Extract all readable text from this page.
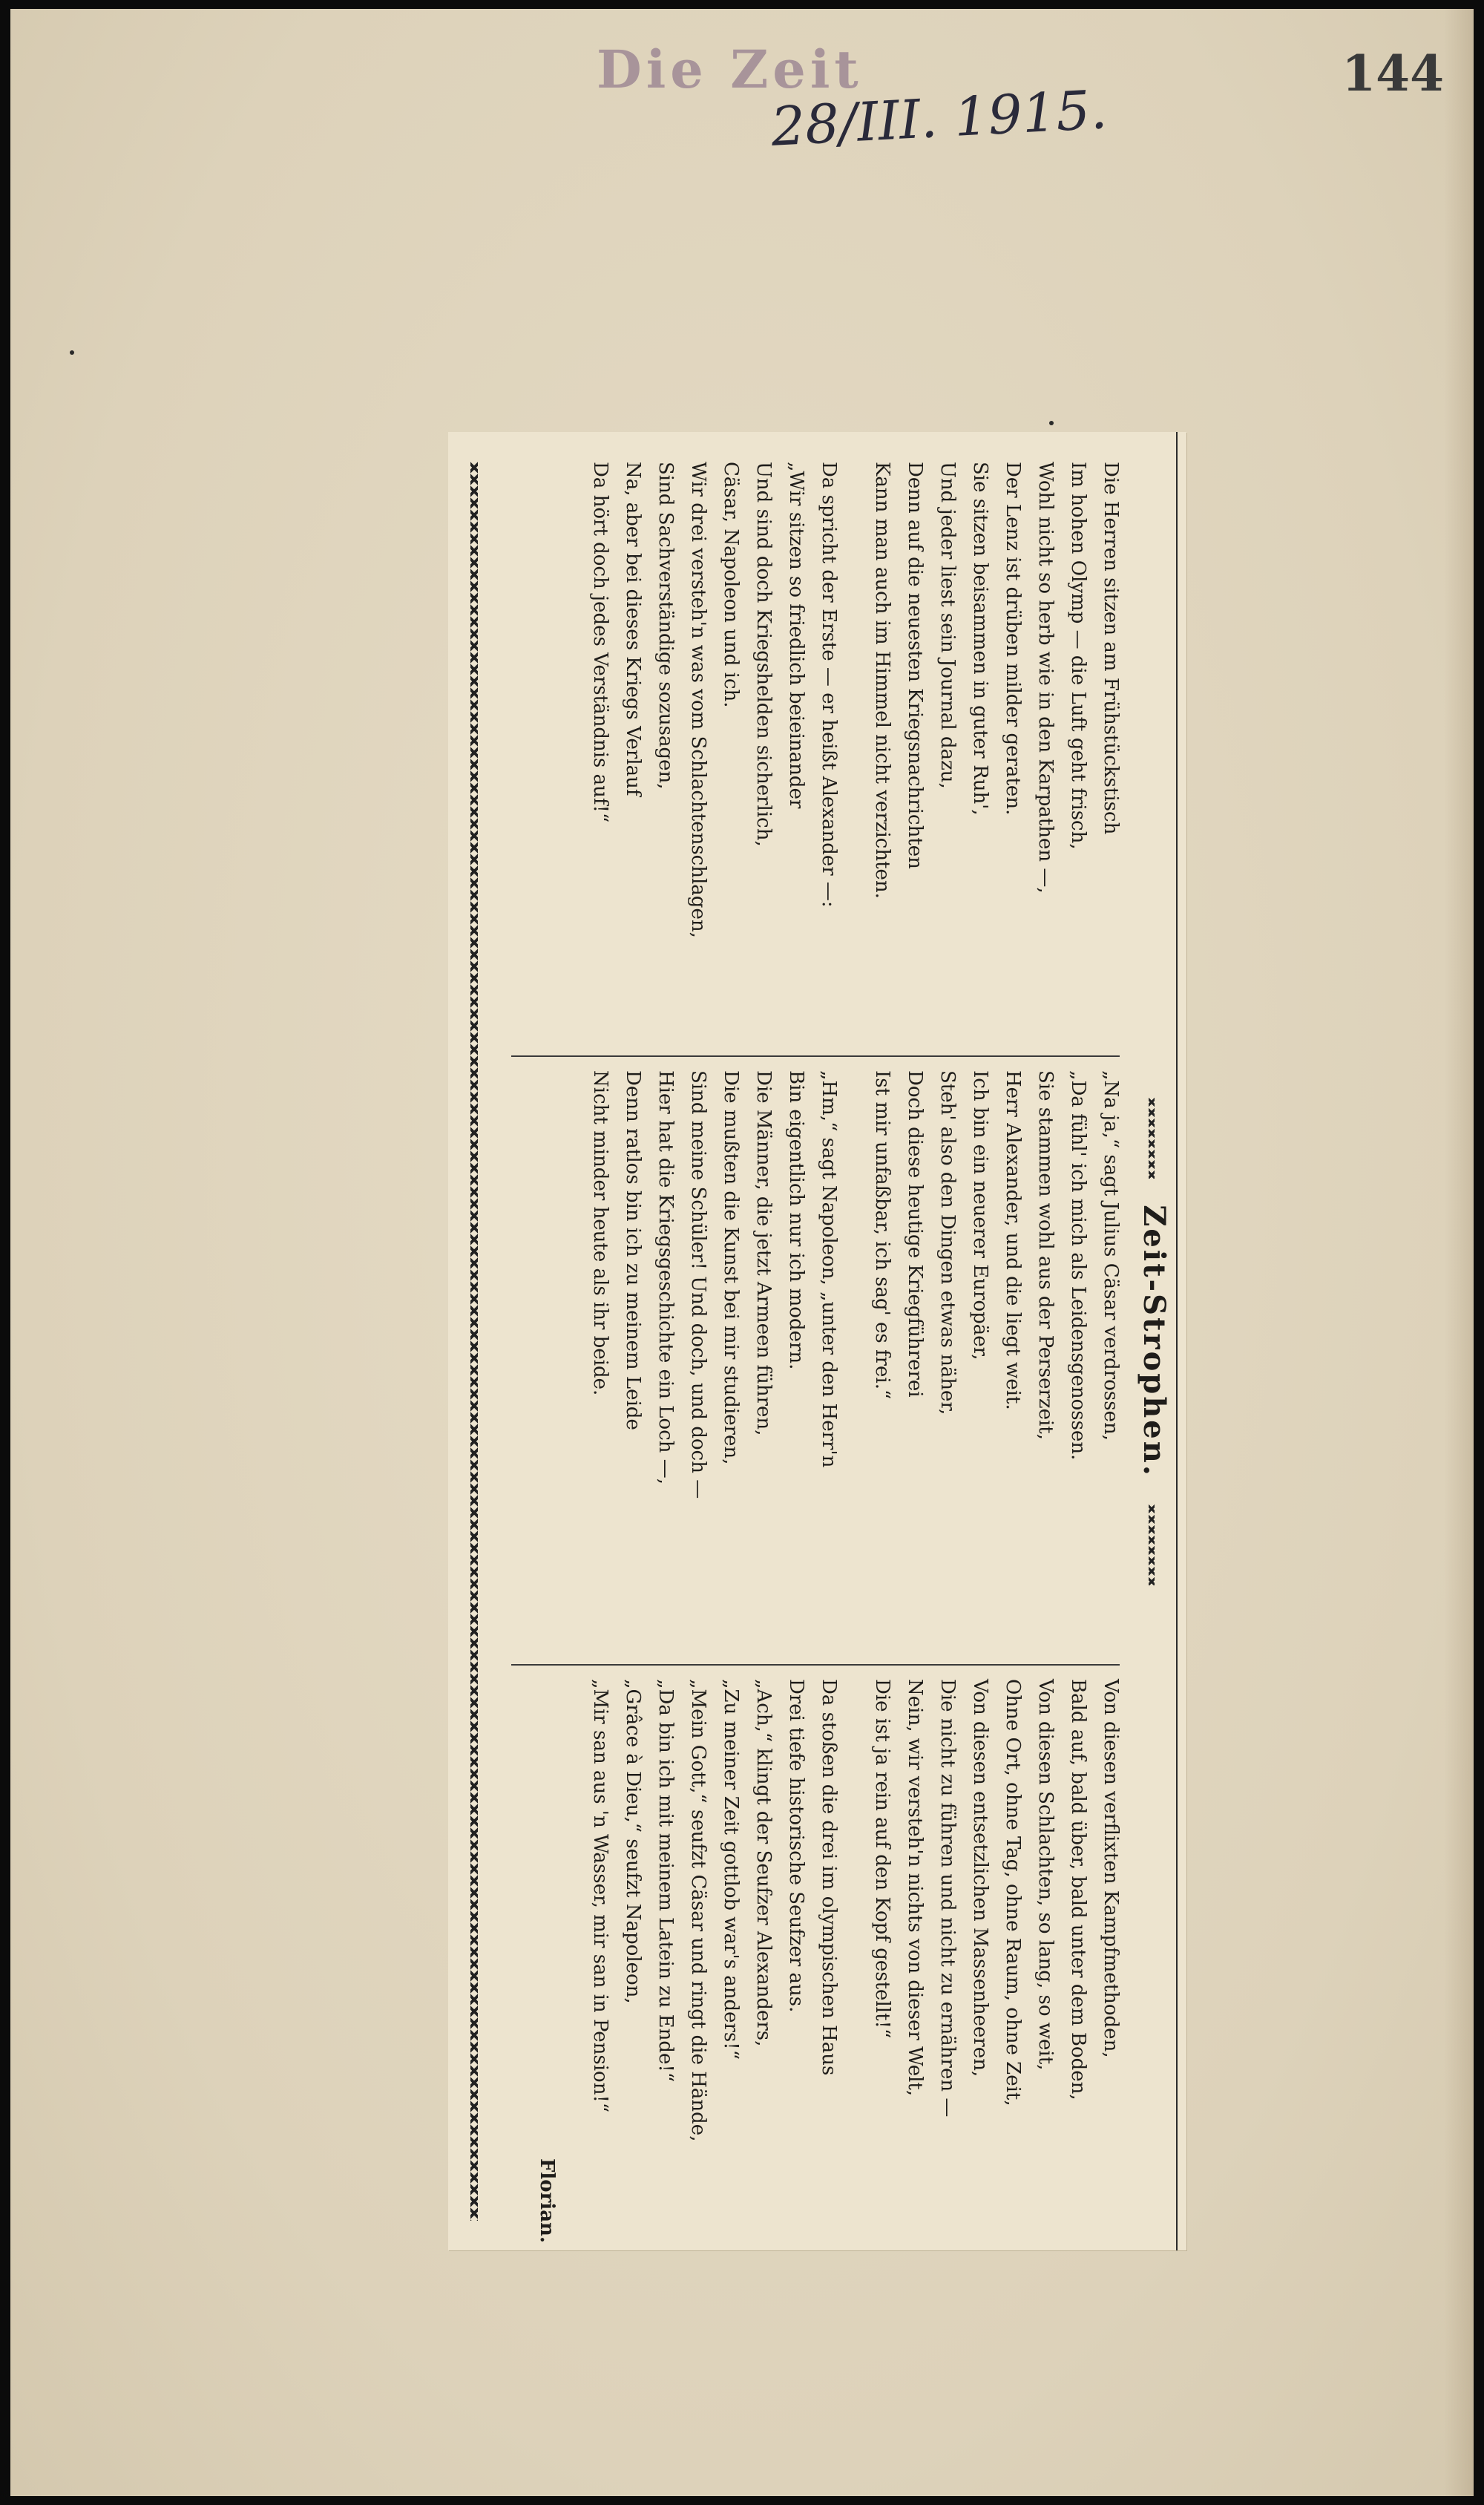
Die Zeit
28/III. 1915.
144
Zeit-Strophen.
Die Herren sitzen am Frühstückstisch
Im hohen Olymp — die Luft geht frisch,
Wohl nicht so herb wie in den Karpathen —,
Der Lenz ist drüben milder geraten.
Sie sitzen beisammen in guter Ruh',
Und jeder liest sein Journal dazu,
Denn auf die neuesten Kriegsnachrichten
Kann man auch im Himmel nicht verzichten.
Da spricht der Erste — er heißt Alexander —:
„Wir sitzen so friedlich beieinander
Und sind doch Kriegshelden sicherlich,
Cäsar, Napoleon und ich.
Wir drei versteh'n was vom Schlachtenschlagen,
Sind Sachverständige sozusagen,
Na, aber bei dieses Kriegs Verlauf
Da hört doch jedes Verständnis auf!“
„Na ja,“ sagt Julius Cäsar verdrossen,
„Da fühl' ich mich als Leidensgenossen.
Sie stammen wohl aus der Perserzeit,
Herr Alexander, und die liegt weit.
Ich bin ein neuerer Europäer,
Steh' also den Dingen etwas näher,
Doch diese heutige Kriegführerei
Ist mir unfaßbar, ich sag' es frei.“
„Hm,“ sagt Napoleon, „unter den Herr'n
Bin eigentlich nur ich modern.
Die Männer, die jetzt Armeen führen,
Die mußten die Kunst bei mir studieren,
Sind meine Schüler! Und doch, und doch —
Hier hat die Kriegsgeschichte ein Loch —,
Denn ratlos bin ich zu meinem Leide
Nicht minder heute als ihr beide.
Von diesen verflixten Kampfmethoden,
Bald auf, bald über, bald unter dem Boden,
Von diesen Schlachten, so lang, so weit,
Ohne Ort, ohne Tag, ohne Raum, ohne Zeit,
Von diesen entsetzlichen Massenheeren,
Die nicht zu führen und nicht zu ernähren —
Nein, wir versteh'n nichts von dieser Welt,
Die ist ja rein auf den Kopf gestellt!“
Da stoßen die drei im olympischen Haus
Drei tiefe historische Seufzer aus.
„Ach,“ klingt der Seufzer Alexanders,
„Zu meiner Zeit gottlob war's anders!“
„Mein Gott,“ seufzt Cäsar und ringt die Hände,
„Da bin ich mit meinem Latein zu Ende!“
„Grâce à Dieu,“ seufzt Napoleon,
„Mir san aus 'n Wasser, mir san in Pension!“
Florian.
